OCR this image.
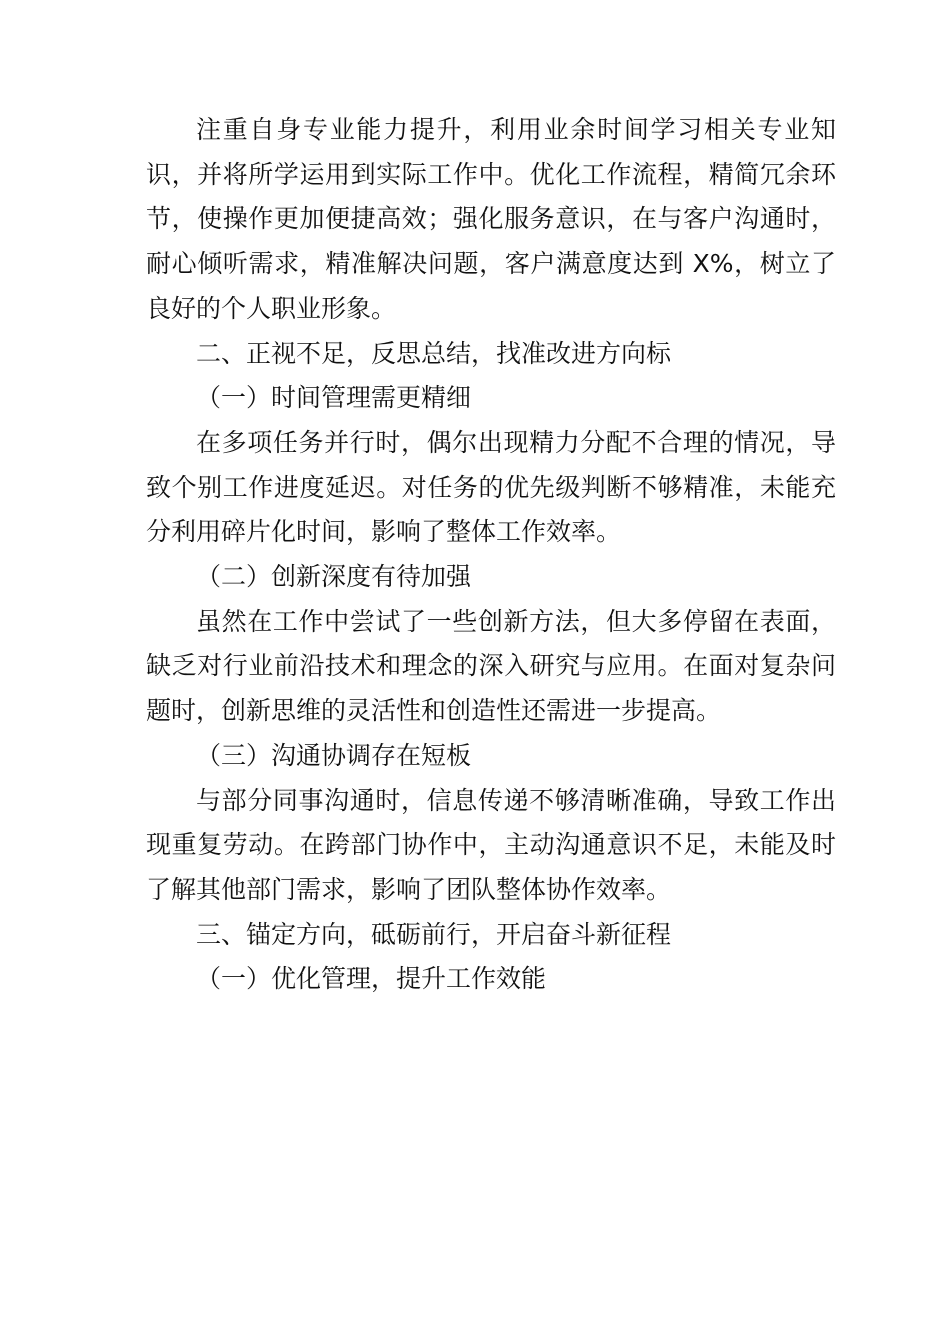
注重自身专业能力提升，利用业余时间学习相关专业知识，并将所学运用到实际工作中。优化工作流程，精简冗余环节，使操作更加便捷高效；强化服务意识，在与客户沟通时，耐心倾听需求，精准解决问题，客户满意度达到 X%，树立了良好的个人职业形象。

二、正视不足，反思总结，找准改进方向标

（一）时间管理需更精细

在多项任务并行时，偶尔出现精力分配不合理的情况，导致个别工作进度延迟。对任务的优先级判断不够精准，未能充分利用碎片化时间，影响了整体工作效率。

（二）创新深度有待加强

虽然在工作中尝试了一些创新方法，但大多停留在表面，缺乏对行业前沿技术和理念的深入研究与应用。在面对复杂问题时，创新思维的灵活性和创造性还需进一步提高。

（三）沟通协调存在短板

与部分同事沟通时，信息传递不够清晰准确，导致工作出现重复劳动。在跨部门协作中，主动沟通意识不足，未能及时了解其他部门需求，影响了团队整体协作效率。

三、锚定方向，砥砺前行，开启奋斗新征程

（一）优化管理，提升工作效能
